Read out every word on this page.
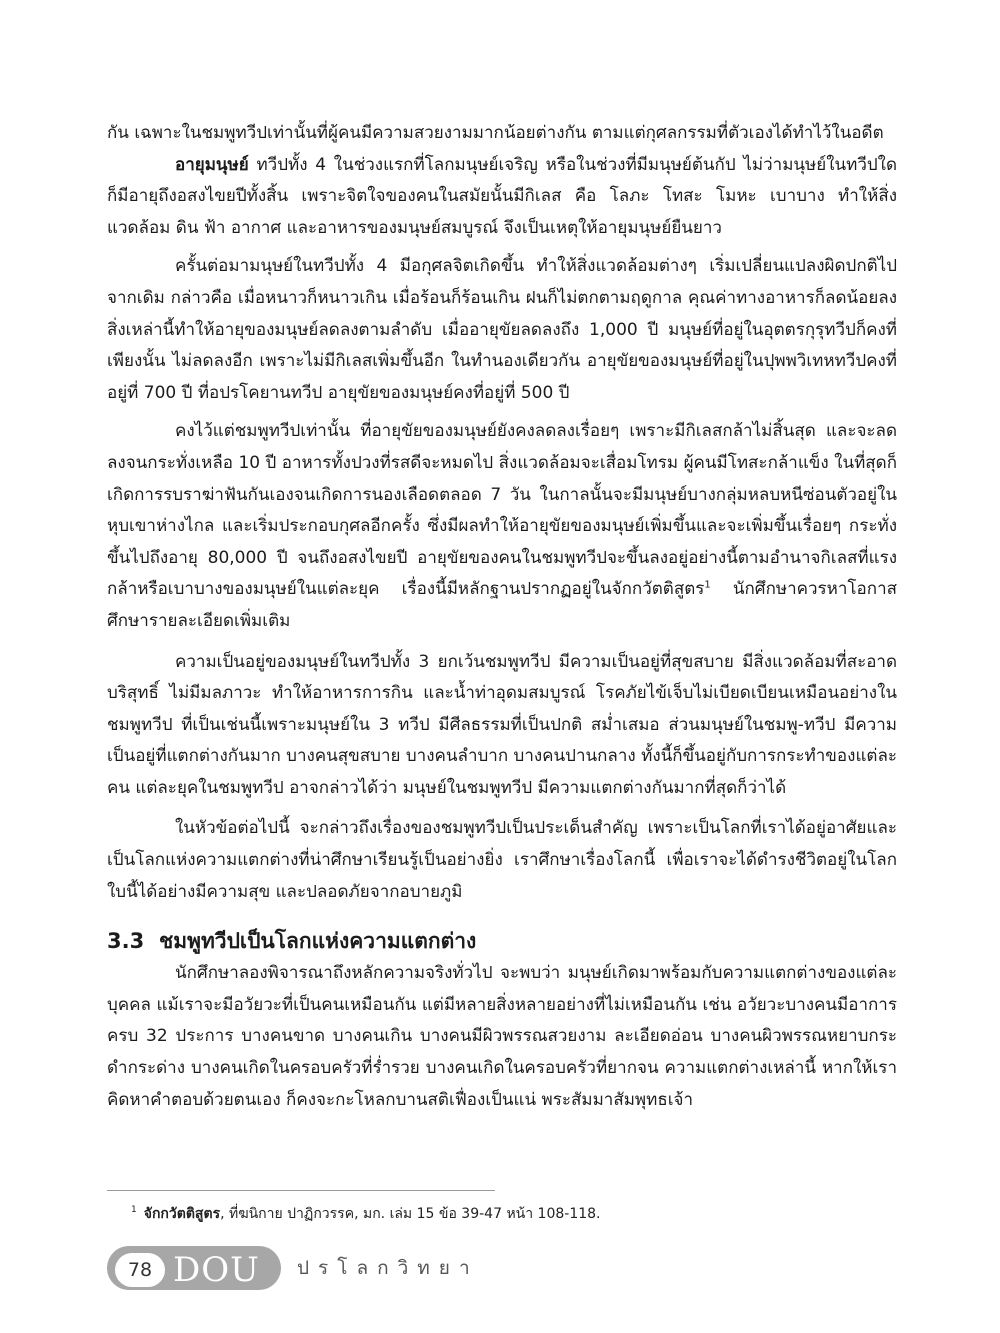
กัน เฉพาะในชมพูทวีปเท่านั้นที่ผู้คนมีความสวยงามมากน้อยต่างกัน ตามแต่กุศลกรรมที่ตัวเองได้ทำไว้ในอดีต

อายุมนุษย์ ทวีปทั้ง 4 ในช่วงแรกที่โลกมนุษย์เจริญ หรือในช่วงที่มีมนุษย์ต้นกัป ไม่ว่ามนุษย์ในทวีปใด ก็มีอายุถึงอสงไขยปีทั้งสิ้น เพราะจิตใจของคนในสมัยนั้นมีกิเลส คือ โลภะ โทสะ โมหะ เบาบาง ทำให้สิ่งแวดล้อม ดิน ฟ้า อากาศ และอาหารของมนุษย์สมบูรณ์ จึงเป็นเหตุให้อายุมนุษย์ยืนยาว

ครั้นต่อมามนุษย์ในทวีปทั้ง 4 มีอกุศลจิตเกิดขึ้น ทำให้สิ่งแวดล้อมต่างๆ เริ่มเปลี่ยนแปลงผิดปกติไปจากเดิม กล่าวคือ เมื่อหนาวก็หนาวเกิน เมื่อร้อนก็ร้อนเกิน ฝนก็ไม่ตกตามฤดูกาล คุณค่าทางอาหารก็ลดน้อยลง สิ่งเหล่านี้ทำให้อายุของมนุษย์ลดลงตามลำดับ เมื่ออายุขัยลดลงถึง 1,000 ปี มนุษย์ที่อยู่ในอุตตรกุรุทวีปก็คงที่เพียงนั้น ไม่ลดลงอีก เพราะไม่มีกิเลสเพิ่มขึ้นอีก ในทำนองเดียวกัน อายุขัยของมนุษย์ที่อยู่ในปุพพวิเทหทวีปคงที่อยู่ที่ 700 ปี ที่อปรโคยานทวีป อายุขัยของมนุษย์คงที่อยู่ที่ 500 ปี

คงไว้แต่ชมพูทวีปเท่านั้น ที่อายุขัยของมนุษย์ยังคงลดลงเรื่อยๆ เพราะมีกิเลสกล้าไม่สิ้นสุด และจะลดลงจนกระทั่งเหลือ 10 ปี อาหารทั้งปวงที่รสดีจะหมดไป สิ่งแวดล้อมจะเสื่อมโทรม ผู้คนมีโทสะกล้าแข็ง ในที่สุดก็เกิดการรบราฆ่าฟันกันเองจนเกิดการนองเลือดตลอด 7 วัน ในกาลนั้นจะมีมนุษย์บางกลุ่มหลบหนีซ่อนตัวอยู่ในหุบเขาห่างไกล และเริ่มประกอบกุศลอีกครั้ง ซึ่งมีผลทำให้อายุขัยของมนุษย์เพิ่มขึ้นและจะเพิ่มขึ้นเรื่อยๆ กระทั่งขึ้นไปถึงอายุ 80,000 ปี จนถึงอสงไขยปี อายุขัยของคนในชมพูทวีปจะขึ้นลงอยู่อย่างนี้ตามอำนาจกิเลสที่แรงกล้าหรือเบาบางของมนุษย์ในแต่ละยุค เรื่องนี้มีหลักฐานปรากฏอยู่ในจักกวัตติสูตร$^1$ นักศึกษาควรหาโอกาสศึกษารายละเอียดเพิ่มเติม

ความเป็นอยู่ของมนุษย์ในทวีปทั้ง 3 ยกเว้นชมพูทวีป มีความเป็นอยู่ที่สุขสบาย มีสิ่งแวดล้อมที่สะอาดบริสุทธิ์ ไม่มีมลภาวะ ทำให้อาหารการกิน และน้ำท่าอุดมสมบูรณ์ โรคภัยไข้เจ็บไม่เบียดเบียนเหมือนอย่างในชมพูทวีป ที่เป็นเช่นนี้เพราะมนุษย์ใน 3 ทวีป มีศีลธรรมที่เป็นปกติ สม่ำเสมอ ส่วนมนุษย์ในชมพู-ทวีป มีความเป็นอยู่ที่แตกต่างกันมาก บางคนสุขสบาย บางคนลำบาก บางคนปานกลาง ทั้งนี้ก็ขึ้นอยู่กับการกระทำของแต่ละคน แต่ละยุคในชมพูทวีป อาจกล่าวได้ว่า มนุษย์ในชมพูทวีป มีความแตกต่างกันมากที่สุดก็ว่าได้

ในหัวข้อต่อไปนี้ จะกล่าวถึงเรื่องของชมพูทวีปเป็นประเด็นสำคัญ เพราะเป็นโลกที่เราได้อยู่อาศัยและเป็นโลกแห่งความแตกต่างที่น่าศึกษาเรียนรู้เป็นอย่างยิ่ง เราศึกษาเรื่องโลกนี้ เพื่อเราจะได้ดำรงชีวิตอยู่ในโลกใบนี้ได้อย่างมีความสุข และปลอดภัยจากอบายภูมิ

3.3 ชมพูทวีปเป็นโลกแห่งความแตกต่าง

นักศึกษาลองพิจารณาถึงหลักความจริงทั่วไป จะพบว่า มนุษย์เกิดมาพร้อมกับความแตกต่างของแต่ละบุคคล แม้เราจะมีอวัยวะที่เป็นคนเหมือนกัน แต่มีหลายสิ่งหลายอย่างที่ไม่เหมือนกัน เช่น อวัยวะบางคนมีอาการครบ 32 ประการ บางคนขาด บางคนเกิน บางคนมีผิวพรรณสวยงาม ละเอียดอ่อน บางคนผิวพรรณหยาบกระดำกระด่าง บางคนเกิดในครอบครัวที่ร่ำรวย บางคนเกิดในครอบครัวที่ยากจน ความแตกต่างเหล่านี้ หากให้เราคิดหาคำตอบด้วยตนเอง ก็คงจะกะโหลกบานสติเฟื่องเป็นแน่ พระสัมมาสัมพุทธเจ้า

$^1$ จักกวัตติสูตร, ที่ฆนิกาย ปาฏิกวรรค, มก. เล่ม 15 ข้อ 39-47 หน้า 108-118.
78 DOU ปรโลกวิทยา
